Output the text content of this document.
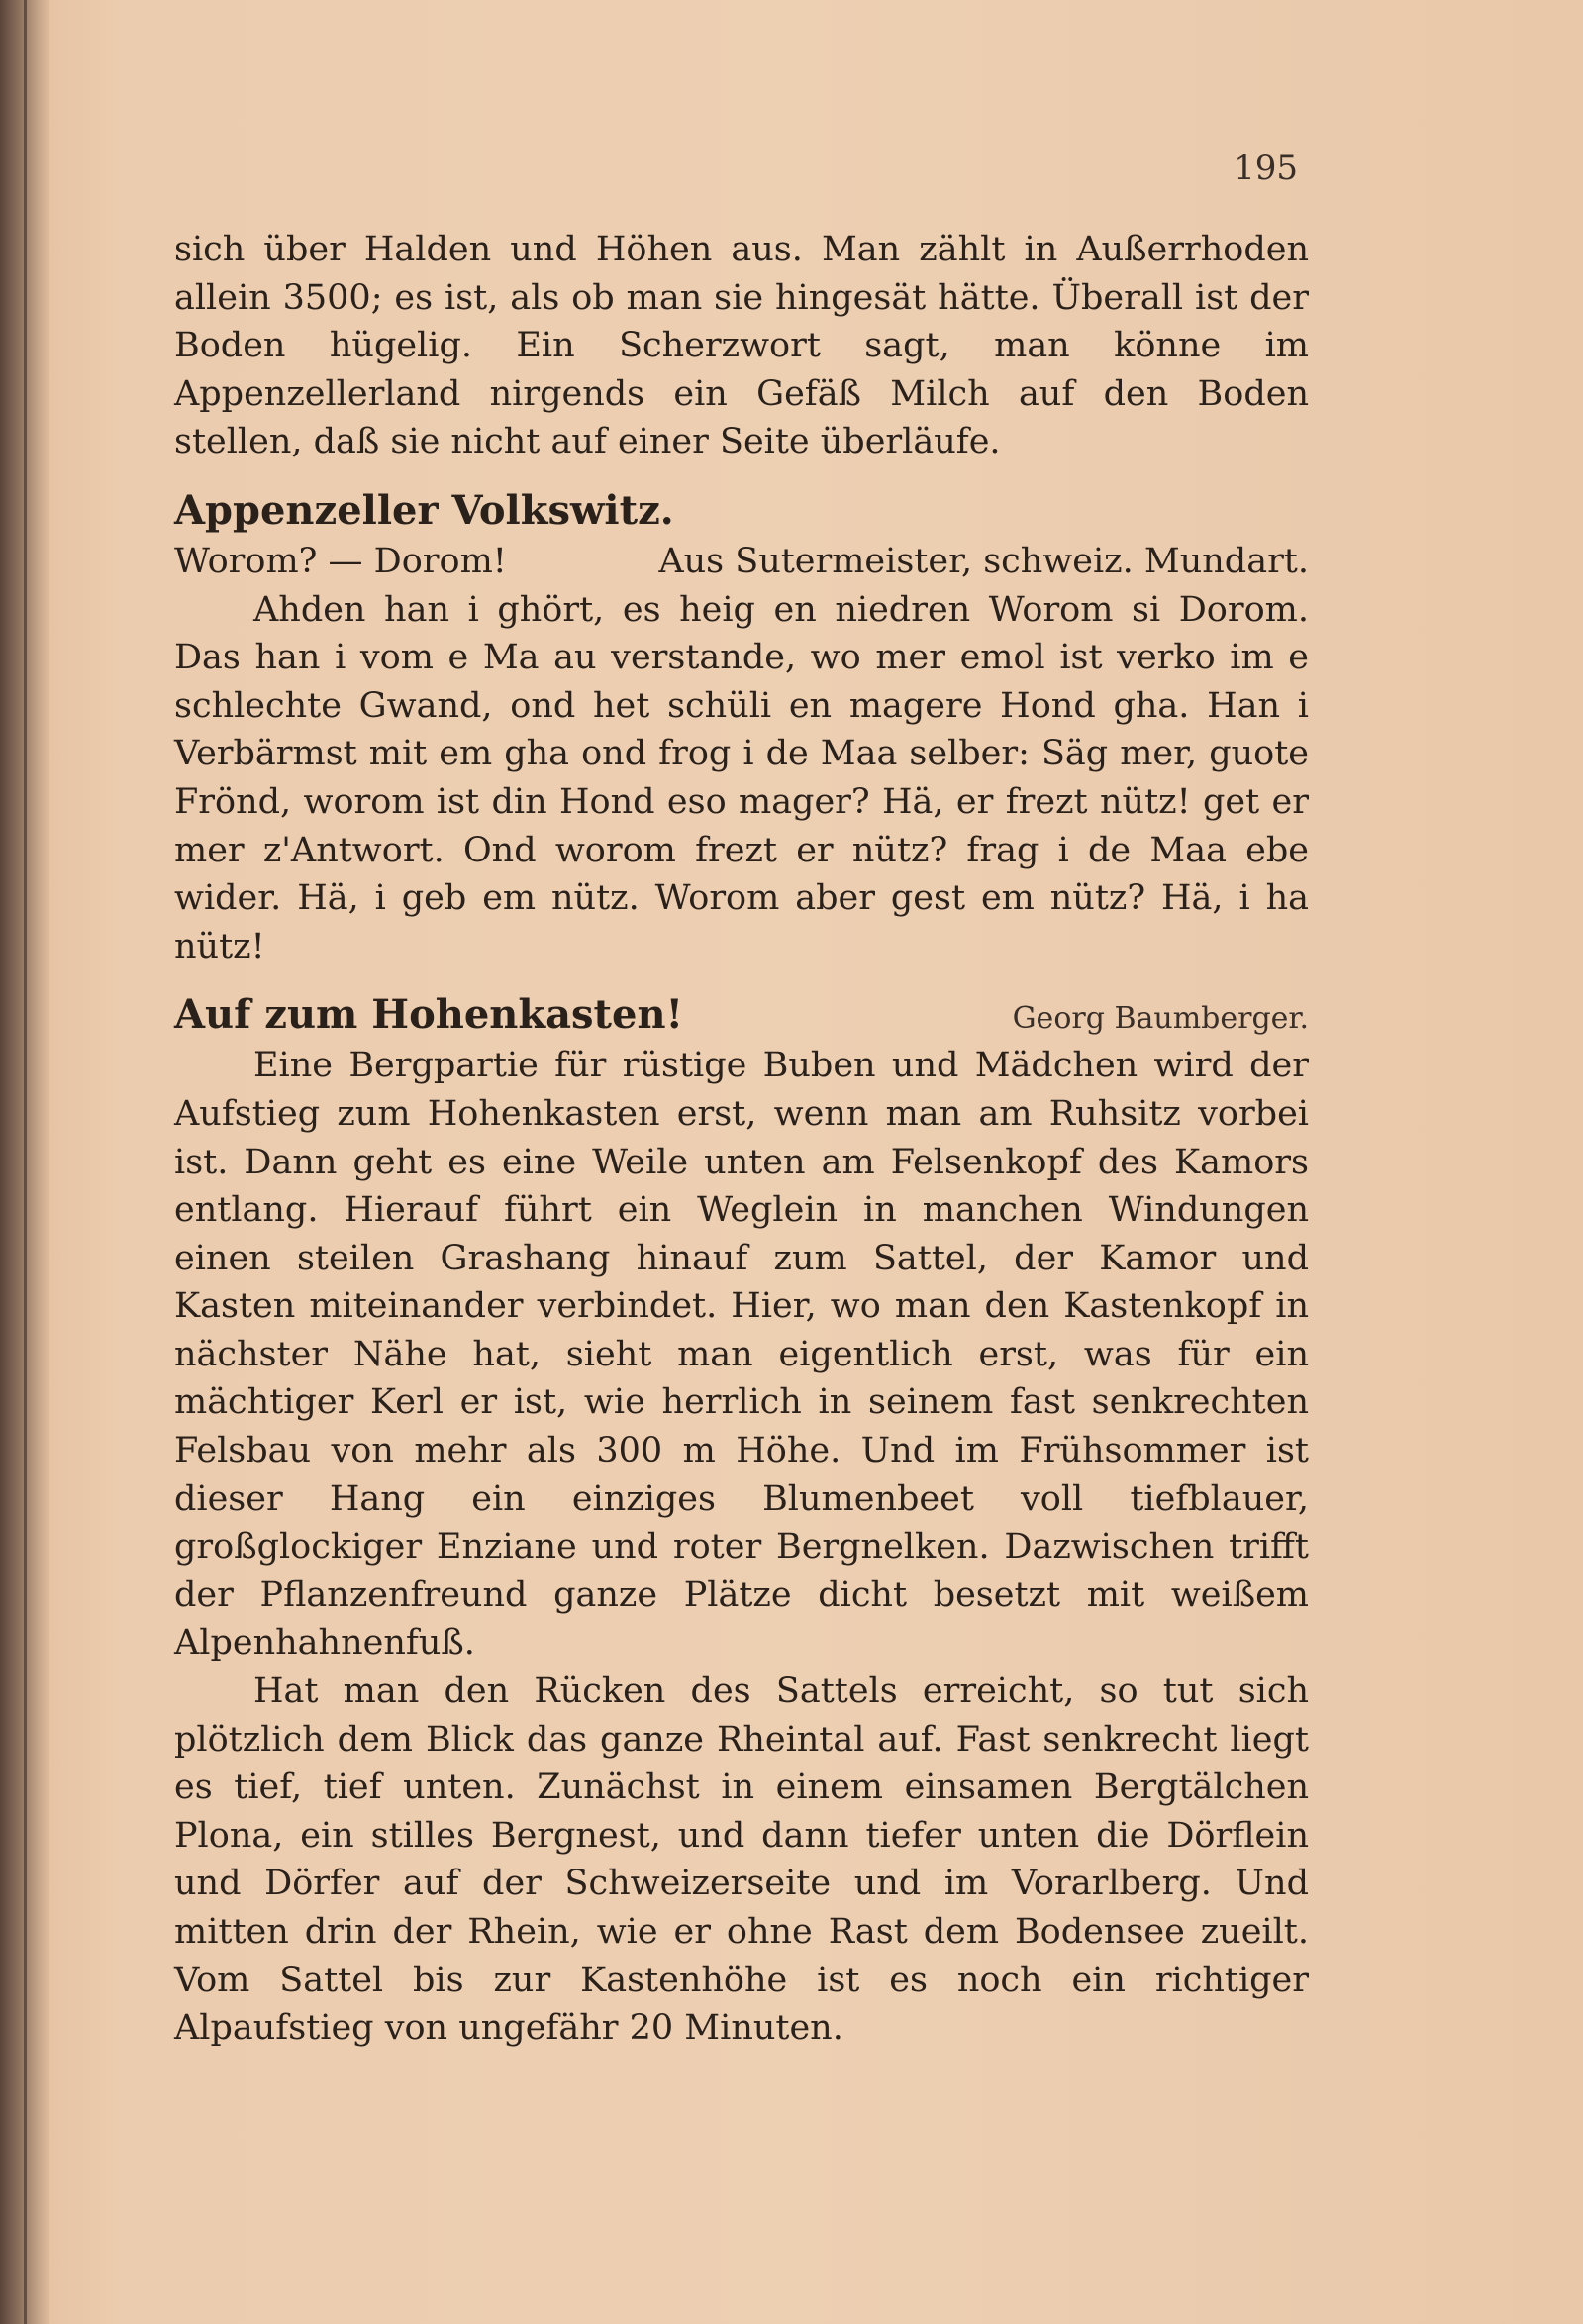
195

sich über Halden und Höhen aus. Man zählt in Außerrhoden allein 3500; es ist, als ob man sie hingesät hätte. Überall ist der Boden hügelig. Ein Scherzwort sagt, man könne im Appenzellerland nirgends ein Gefäß Milch auf den Boden stellen, daß sie nicht auf einer Seite überläufe.

Appenzeller Volkswitz.
Worom? — Dorom!	Aus Sutermeister, schweiz. Mundart.

Ahden han i ghört, es heig en niedren Worom si Dorom. Das han i vom e Ma au verstande, wo mer emol ist verko im e schlechte Gwand, ond het schüli en magere Hond gha. Han i Verbärmst mit em gha ond frog i de Maa selber: Säg mer, guote Frönd, worom ist din Hond eso mager? Hä, er frezt nütz! get er mer z'Antwort. Ond worom frezt er nütz? frag i de Maa ebe wider. Hä, i geb em nütz. Worom aber gest em nütz? Hä, i ha nütz!

Auf zum Hohenkasten!	Georg Baumberger.

Eine Bergpartie für rüstige Buben und Mädchen wird der Aufstieg zum Hohenkasten erst, wenn man am Ruhsitz vorbei ist. Dann geht es eine Weile unten am Felsenkopf des Kamors entlang. Hierauf führt ein Weglein in manchen Windungen einen steilen Grashang hinauf zum Sattel, der Kamor und Kasten miteinander verbindet. Hier, wo man den Kastenkopf in nächster Nähe hat, sieht man eigentlich erst, was für ein mächtiger Kerl er ist, wie herrlich in seinem fast senkrechten Felsbau von mehr als 300 m Höhe. Und im Frühsommer ist dieser Hang ein einziges Blumenbeet voll tiefblauer, großglockiger Enziane und roter Bergnelken. Dazwischen trifft der Pflanzenfreund ganze Plätze dicht besetzt mit weißem Alpenhahnenfuß.

Hat man den Rücken des Sattels erreicht, so tut sich plötzlich dem Blick das ganze Rheintal auf. Fast senkrecht liegt es tief, tief unten. Zunächst in einem einsamen Bergtälchen Plona, ein stilles Bergnest, und dann tiefer unten die Dörflein und Dörfer auf der Schweizerseite und im Vorarlberg. Und mitten drin der Rhein, wie er ohne Rast dem Bodensee zueilt. Vom Sattel bis zur Kastenhöhe ist es noch ein richtiger Alpaufstieg von ungefähr 20 Minuten.
